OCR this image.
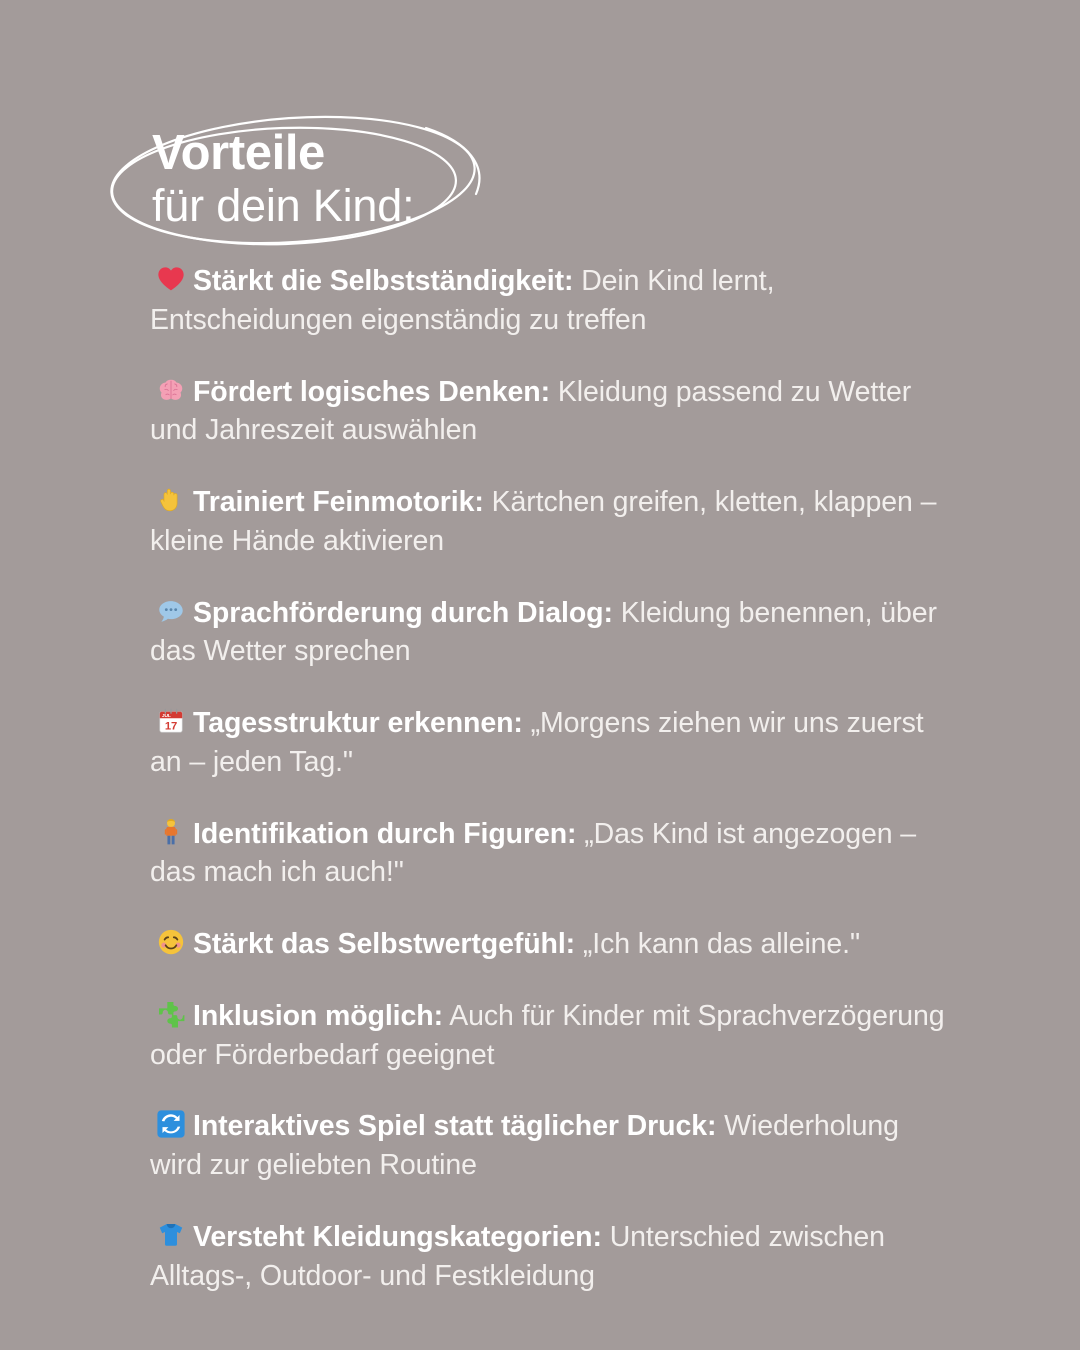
Vorteile
für dein Kind:
Stärkt die Selbstständigkeit: Dein Kind lernt, Entscheidungen eigenständig zu treffen
Fördert logisches Denken: Kleidung passend zu Wetter und Jahreszeit auswählen
Trainiert Feinmotorik: Kärtchen greifen, kletten, klappen – kleine Hände aktivieren
Sprachförderung durch Dialog: Kleidung benennen, über das Wetter sprechen
JUL
17 Tagesstruktur erkennen: „Morgens ziehen wir uns zuerst an – jeden Tag."
Identifikation durch Figuren: „Das Kind ist angezogen – das mach ich auch!"
Stärkt das Selbstwertgefühl: „Ich kann das alleine."
Inklusion möglich: Auch für Kinder mit Sprachverzögerung oder Förderbedarf geeignet
Interaktives Spiel statt täglicher Druck: Wiederholung wird zur geliebten Routine
Versteht Kleidungskategorien: Unterschied zwischen Alltags-, Outdoor- und Festkleidung
